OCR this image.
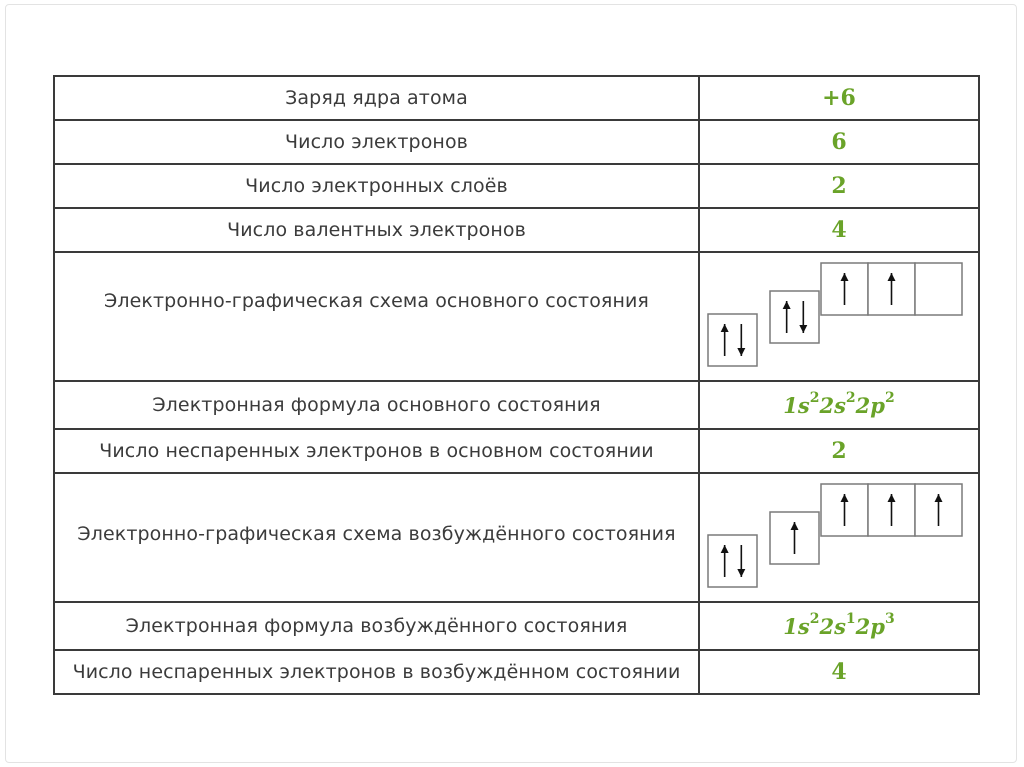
Заряд ядра атома	+6
Число электронов	6
Число электронных слоёв	2
Число валентных электронов	4

Электронно-графическая схема основного состояния

Электронная формула основного состояния	$1s^22s^22p^2$
Число неспаренных электронов в основном состоянии	2

Электронно-графическая схема возбуждённого состояния

Электронная формула возбуждённого состояния	$1s^22s^12p^3$
Число неспаренных электронов в возбуждённом состоянии	4
